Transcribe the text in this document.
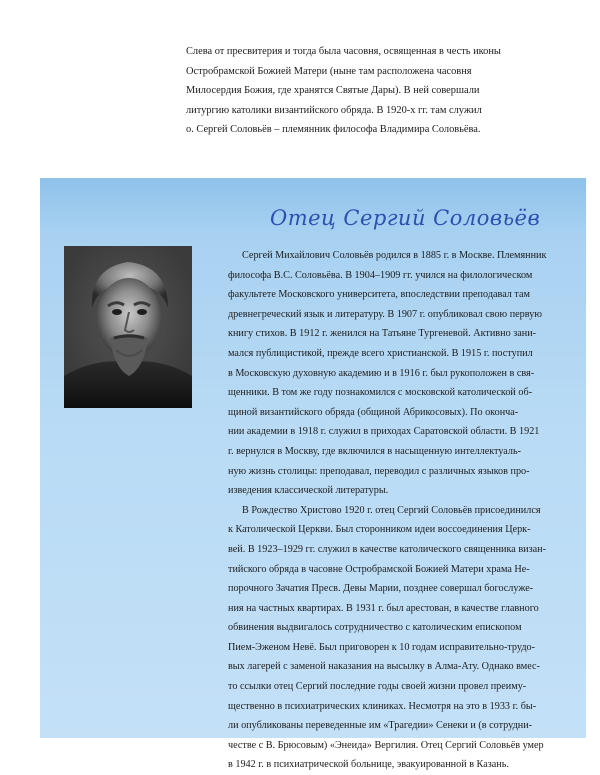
Слева от пресвитерия и тогда была часовня, освященная в честь иконы
Остробрамской Божией Матери (ныне там расположена часовня
Милосердия Божия, где хранятся Святые Дары). В ней совершали
литургию католики византийского обряда. В 1920-х гг. там служил
о. Сергей Соловьёв – племянник философа Владимира Соловьёва.

Отец Сергий Соловьёв

Сергей Михайлович Соловьёв родился в 1885 г. в Москве. Племянник
философа В.С. Соловьёва. В 1904–1909 гг. учился на филологическом
факультете Московского университета, впоследствии преподавал там
древнегреческий язык и литературу. В 1907 г. опубликовал свою первую
книгу стихов. В 1912 г. женился на Татьяне Тургеневой. Активно зани-
мался публицистикой, прежде всего христианской. В 1915 г. поступил
в Московскую духовную академию и в 1916 г. был рукоположен в свя-
щенники. В том же году познакомился с московской католической об-
щиной византийского обряда (общиной Абрикосовых). По оконча-
нии академии в 1918 г. служил в приходах Саратовской области. В 1921
г. вернулся в Москву, где включился в насыщенную интеллектуаль-
ную жизнь столицы: преподавал, переводил с различных языков про-
изведения классической литературы.

В Рождество Христово 1920 г. отец Сергий Соловьёв присоединился
к Католической Церкви. Был сторонником идеи воссоединения Церк-
вей. В 1923–1929 гг. служил в качестве католического священника визан-
тийского обряда в часовне Остробрамской Божией Матери храма Не-
порочного Зачатия Пресв. Девы Марии, позднее совершал богослуже-
ния на частных квартирах. В 1931 г. был арестован, в качестве главного
обвинения выдвигалось сотрудничество с католическим епископом
Пием-Эженом Невё. Был приговорен к 10 годам исправительно-трудо-
вых лагерей с заменой наказания на высылку в Алма-Ату. Однако вмес-
то ссылки отец Сергий последние годы своей жизни провел преиму-
щественно в психиатрических клиниках. Несмотря на это в 1933 г. бы-
ли опубликованы переведенные им «Трагедии» Сенеки и (в сотрудни-
честве с В. Брюсовым) «Энеида» Вергилия. Отец Сергий Соловьёв умер
в 1942 г. в психиатрической больнице, эвакуированной в Казань.
